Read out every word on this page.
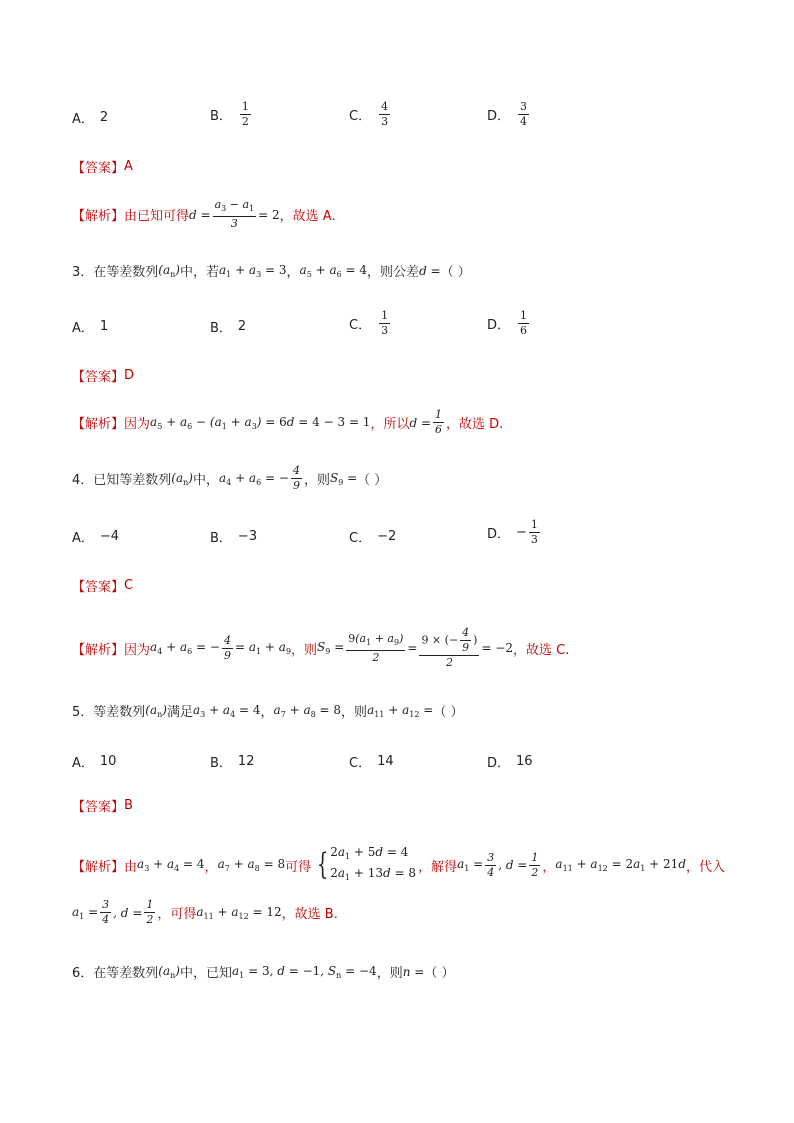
A． 2	B． $\frac{1}{2}$	C． $\frac{4}{3}$	D． $\frac{3}{4}$
【答案】 A
【解析】 由已知可得 $d = \frac{a_3 - a_1}{3} = 2$ ，故选 A.
3． 在等差数列 $(a_n)$ 中，若 $a_1 + a_3 = 3$ ， $a_5 + a_6 = 4$ ，则公差 d = （ ）
A． 1	B． 2	C． $\frac{1}{3}$	D． $\frac{1}{6}$
【答案】 D
【解析】 因为 $a_5 + a_6 - (a_1 + a_3) = 6d = 4 - 3 = 1$ ，所以 $d = \frac{1}{6}$ ，故选 D.
4． 已知等差数列 $(a_n)$ 中， $a_4 + a_6$ = − $\frac{4}{9}$ ，则 $S_9$ = （ ）
A． −4	B． −3	C． −2	D． − $\frac{1}{3}$
【答案】 C
【解析】 因为 $a_4 + a_6$ = − $\frac{4}{9} = a_1 + a_9$ ，则 $S_9 = \frac{9(a_1 + a_9)}{2} = \frac{9 \times (- \frac{4}{9} )}{2} = -2$ ，故选 C.
5． 等差数列 $(a_n)$ 满足 $a_3 + a_4 = 4$ ， $a_7 + a_8 = 8$ ，则 $a_{11} + a_{12}$ = （ ）
A． 10	B． 12	C． 14	D． 16
【答案】 B
【解析】 由 $a_3 + a_4 = 4$ ， $a_7 + a_8 = 8$ 可得 { $2a_1 + 5d = 4$
$2a_1 + 13d = 8$ ，解得 $a_1 = \frac{3}{4}$ , $d = \frac{1}{2}$ ， $a_{11} + a_{12} = 2a_1 + 21d$ ，代入
$a_1 = \frac{3}{4}$ , $d = \frac{1}{2}$ ，可得 $a_{11} + a_{12} = 12$ ，故选 B.
6． 在等差数列 $(a_n)$ 中，已知 $a_1 = 3$, d = −1, $S_n = -4$ ，则 n = （ ）
